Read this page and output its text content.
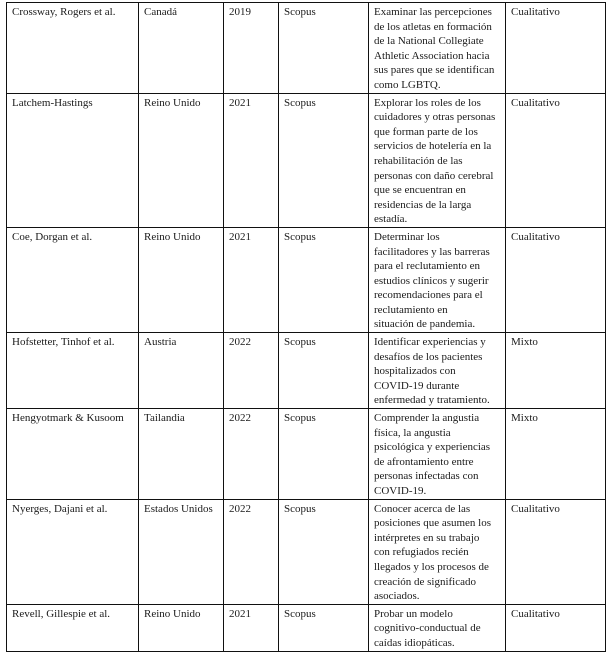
Crossway, Rogers et al.	Canadá	2019	Scopus	Examinar las percepciones
de los atletas en formación
de la National Collegiate
Athletic Association hacia
sus pares que se identifican
como LGBTQ.
	Cualitativo
Latchem-Hastings	Reino Unido	2021	Scopus	Explorar los roles de los
cuidadores y otras personas
que forman parte de los
servicios de hotelería en la
rehabilitación de las
personas con daño cerebral
que se encuentran en
residencias de la larga
estadía.
	Cualitativo
Coe, Dorgan et al.	Reino Unido	2021	Scopus	Determinar los
facilitadores y las barreras
para el reclutamiento en
estudios clínicos y sugerir
recomendaciones para el
reclutamiento en
situación de pandemia.
	Cualitativo
Hofstetter, Tinhof et al.	Austria	2022	Scopus	Identificar experiencias y
desafíos de los pacientes
hospitalizados con
COVID-19 durante
enfermedad y tratamiento.	Mixto
Hengyotmark & Kusoom	Tailandia	2022	Scopus	Comprender la angustia
física, la angustia
psicológica y experiencias
de afrontamiento entre
personas infectadas con
COVID-19.
	Mixto
Nyerges, Dajani et al.	Estados Unidos	2022	Scopus	Conocer acerca de las
posiciones que asumen los
intérpretes en su trabajo
con refugiados recién
llegados y los procesos de
creación de significado
asociados.
	Cualitativo
Revell, Gillespie et al.	Reino Unido	2021	Scopus	Probar un modelo
cognitivo-conductual de
caídas idiopáticas.	Cualitativo
